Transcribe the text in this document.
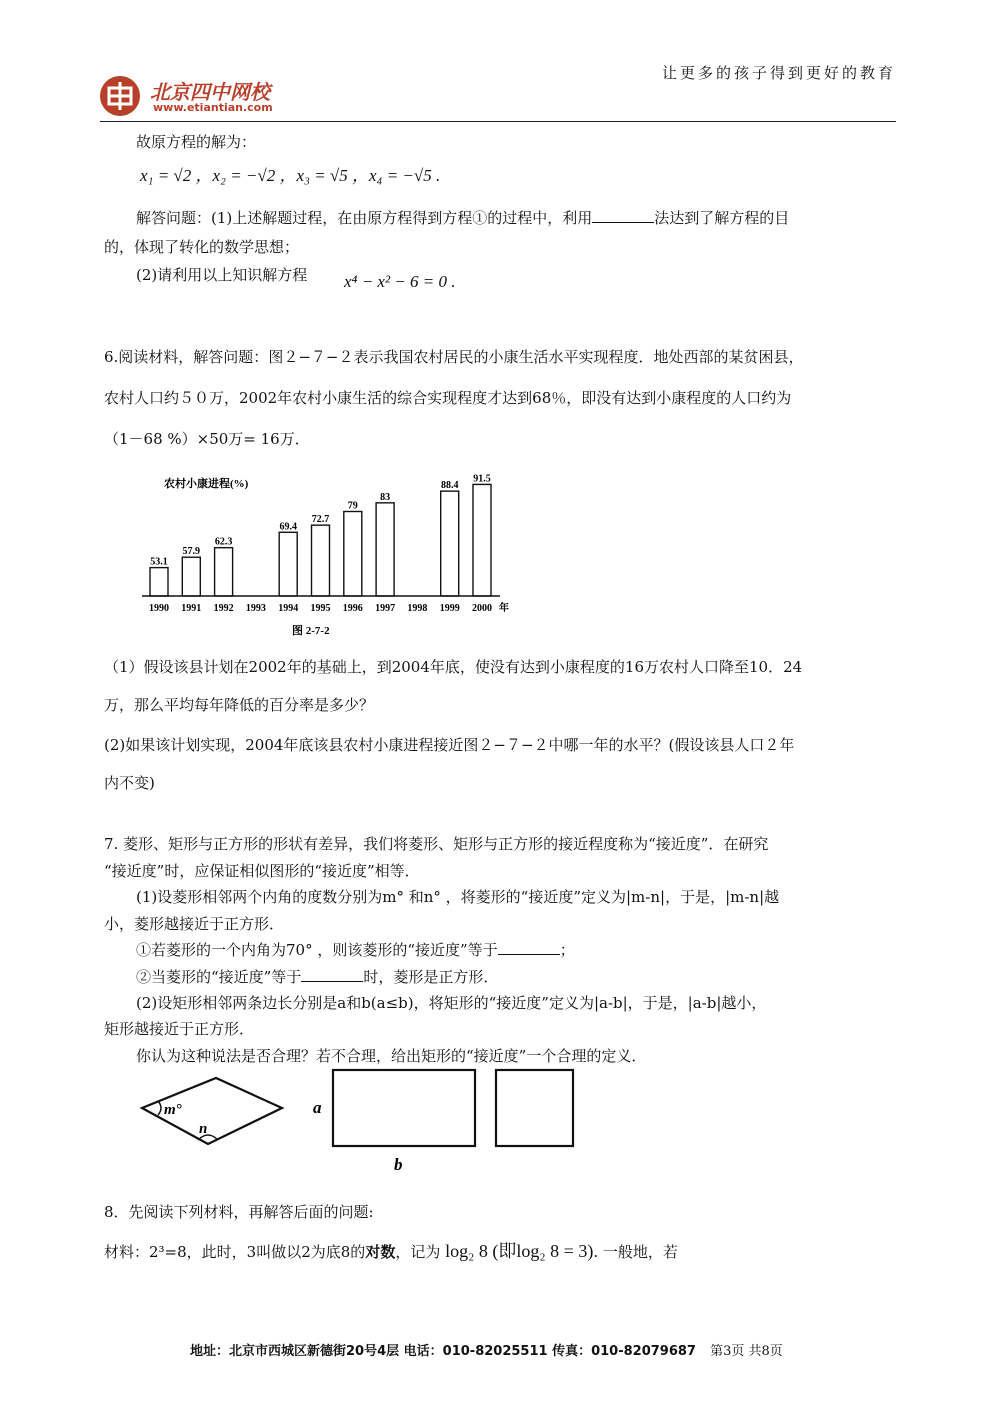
北京四中网校
www.etiantian.com
让更多的孩子得到更好的教育
故原方程的解为：
x₁ = √2 ，x₂ = −√2 ，x₃ = √5 ，x₄ = −√5 .
解答问题：(1)上述解题过程，在由原方程得到方程①的过程中，利用	法达到了解方程的目
的，体现了转化的数学思想；
(2)请利用以上知识解方程	x⁴ − x² − 6 = 0 .
6.阅读材料，解答问题：图２−７−２表示我国农村居民的小康生活水平实现程度．地处西部的某贫困县，
农村人口约５０万，2002年农村小康生活的综合实现程度才达到68％，即没有达到小康程度的人口约为
（1－68 %）×50万= 16万．
农村小康进程(%)
53.1
1990
57.9
1991
62.3
1992 1993
69.4
1994
72.7
1995
79
1996
83
1997 1998
88.4
1999
91.5
2000 年
图 2-7-2
（1）假设该县计划在2002年的基础上，到2004年底，使没有达到小康程度的16万农村人口降至10．24
万，那么平均每年降低的百分率是多少？
(2)如果该计划实现，2004年底该县农村小康进程接近图２−７−２中哪一年的水平？(假设该县人口２年
内不变)
7. 菱形、矩形与正方形的形状有差异，我们将菱形、矩形与正方形的接近程度称为“接近度”．在研究
“接近度”时，应保证相似图形的“接近度”相等．
(1)设菱形相邻两个内角的度数分别为m° 和n° ，将菱形的“接近度”定义为|m-n|，于是，|m-n|越
小，菱形越接近于正方形．
①若菱形的一个内角为70° ，则该菱形的“接近度”等于	；
②当菱形的“接近度”等于	时，菱形是正方形．
(2)设矩形相邻两条边长分别是a和b(a≤b)，将矩形的“接近度”定义为|a-b|，于是，|a-b|越小，
矩形越接近于正方形．
你认为这种说法是否合理？若不合理，给出矩形的“接近度”一个合理的定义．
m°
n
a
b
8．先阅读下列材料，再解答后面的问题:
材料：2³=8，此时，3叫做以2为底8的对数，记为 log₂ 8 (即log₂ 8 = 3). 一般地，若
地址：北京市西城区新德街20号4层 电话：010-82025511 传真：010-82079687 第3页 共8页
